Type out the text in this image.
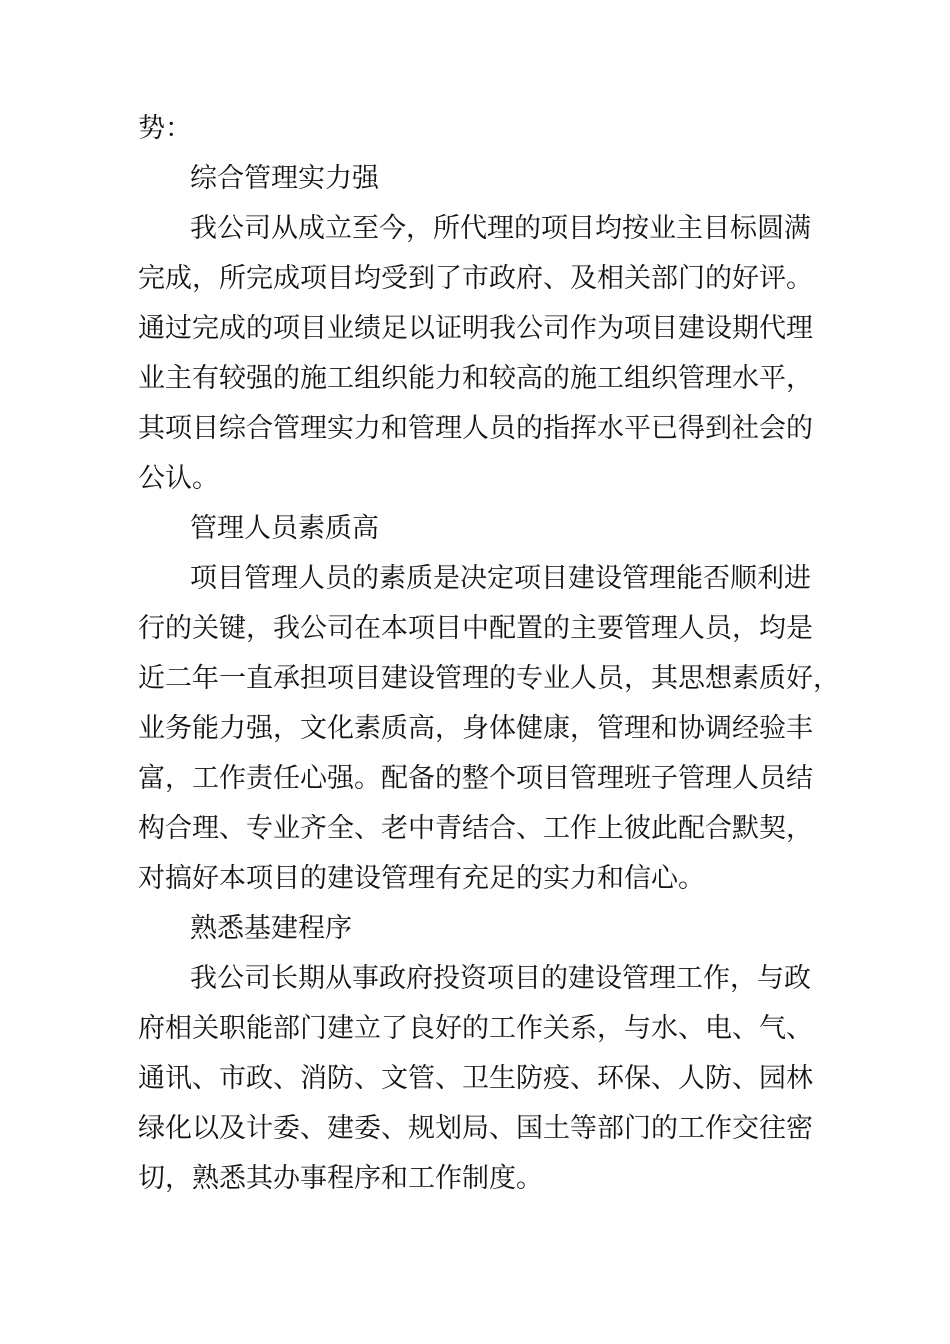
势：
综合管理实力强
我公司从成立至今，所代理的项目均按业主目标圆满
完成，所完成项目均受到了市政府、及相关部门的好评。
通过完成的项目业绩足以证明我公司作为项目建设期代理
业主有较强的施工组织能力和较高的施工组织管理水平，
其项目综合管理实力和管理人员的指挥水平已得到社会的
公认。
管理人员素质高
项目管理人员的素质是决定项目建设管理能否顺利进
行的关键，我公司在本项目中配置的主要管理人员，均是
近二年一直承担项目建设管理的专业人员，其思想素质好，
业务能力强，文化素质高，身体健康，管理和协调经验丰
富，工作责任心强。配备的整个项目管理班子管理人员结
构合理、专业齐全、老中青结合、工作上彼此配合默契，
对搞好本项目的建设管理有充足的实力和信心。
熟悉基建程序
我公司长期从事政府投资项目的建设管理工作，与政
府相关职能部门建立了良好的工作关系，与水、电、气、
通讯、市政、消防、文管、卫生防疫、环保、人防、园林
绿化以及计委、建委、规划局、国土等部门的工作交往密
切，熟悉其办事程序和工作制度。
